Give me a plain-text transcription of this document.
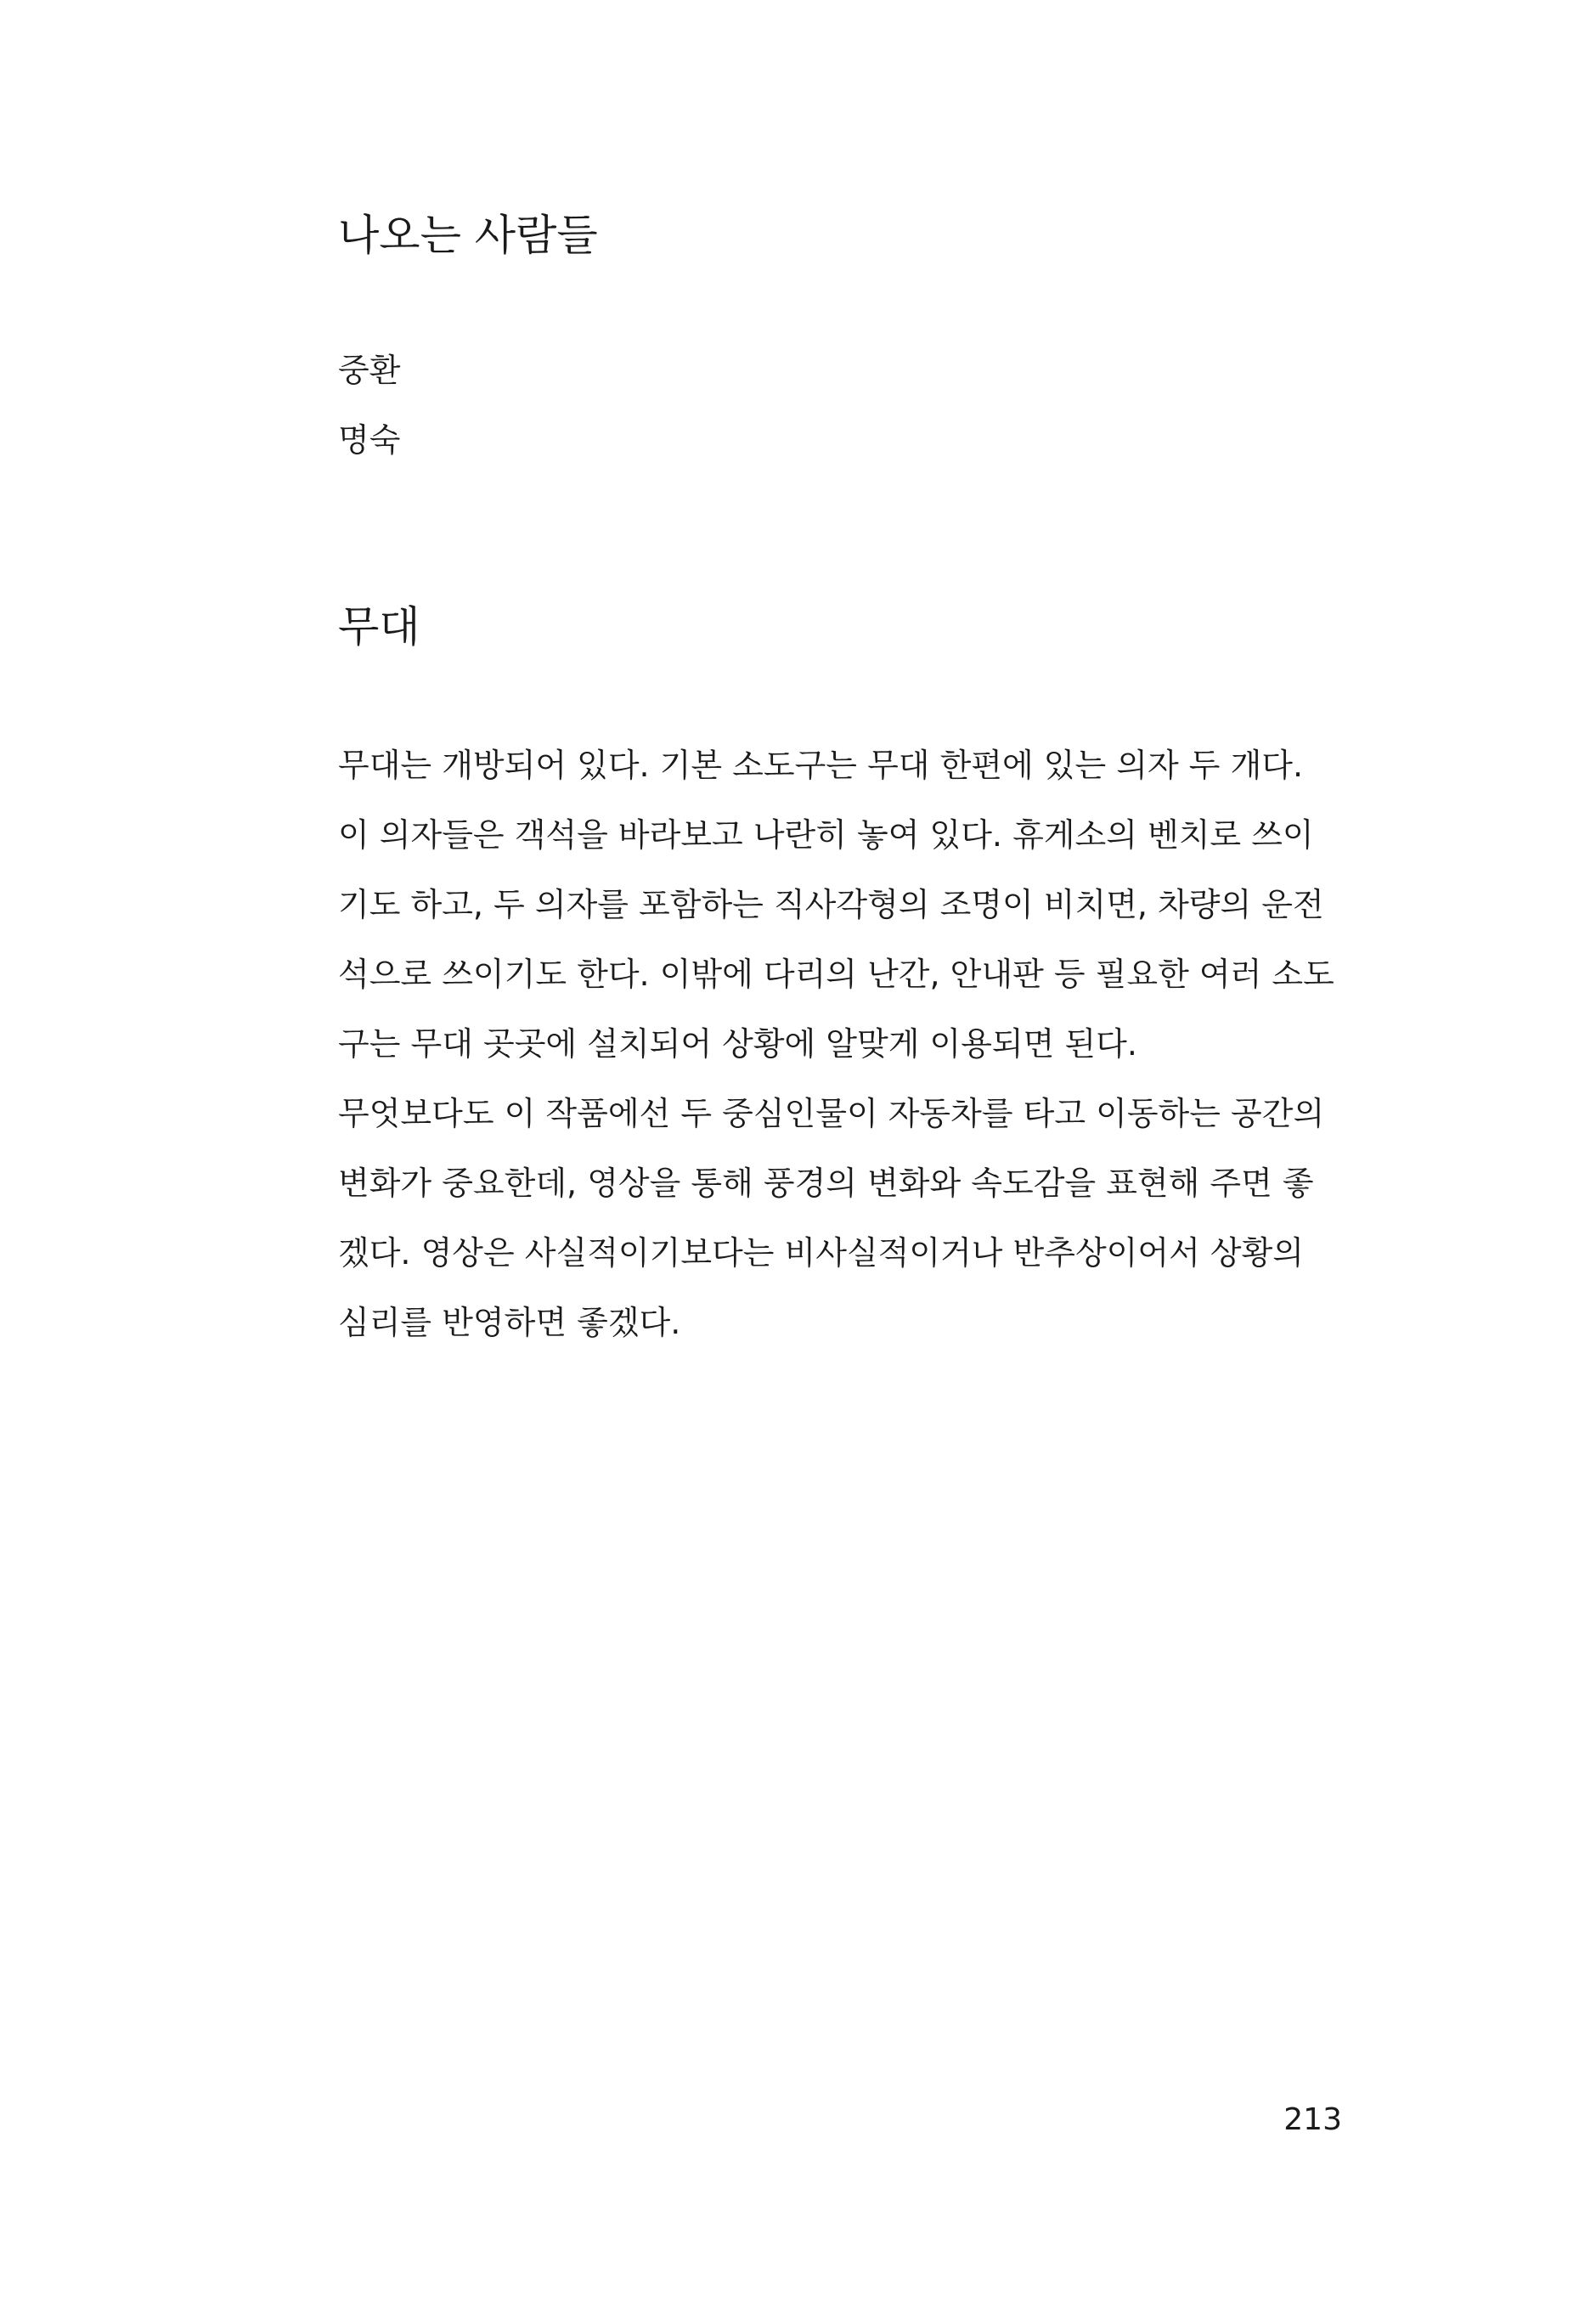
나오는 사람들
중환
명숙
무대
무대는 개방되어 있다. 기본 소도구는 무대 한편에 있는 의자 두 개다.
이 의자들은 객석을 바라보고 나란히 놓여 있다. 휴게소의 벤치로 쓰이
기도 하고, 두 의자를 포함하는 직사각형의 조명이 비치면, 차량의 운전
석으로 쓰이기도 한다. 이밖에 다리의 난간, 안내판 등 필요한 여러 소도
구는 무대 곳곳에 설치되어 상황에 알맞게 이용되면 된다.
무엇보다도 이 작품에선 두 중심인물이 자동차를 타고 이동하는 공간의
변화가 중요한데, 영상을 통해 풍경의 변화와 속도감을 표현해 주면 좋
겠다. 영상은 사실적이기보다는 비사실적이거나 반추상이어서 상황의
심리를 반영하면 좋겠다.
213
